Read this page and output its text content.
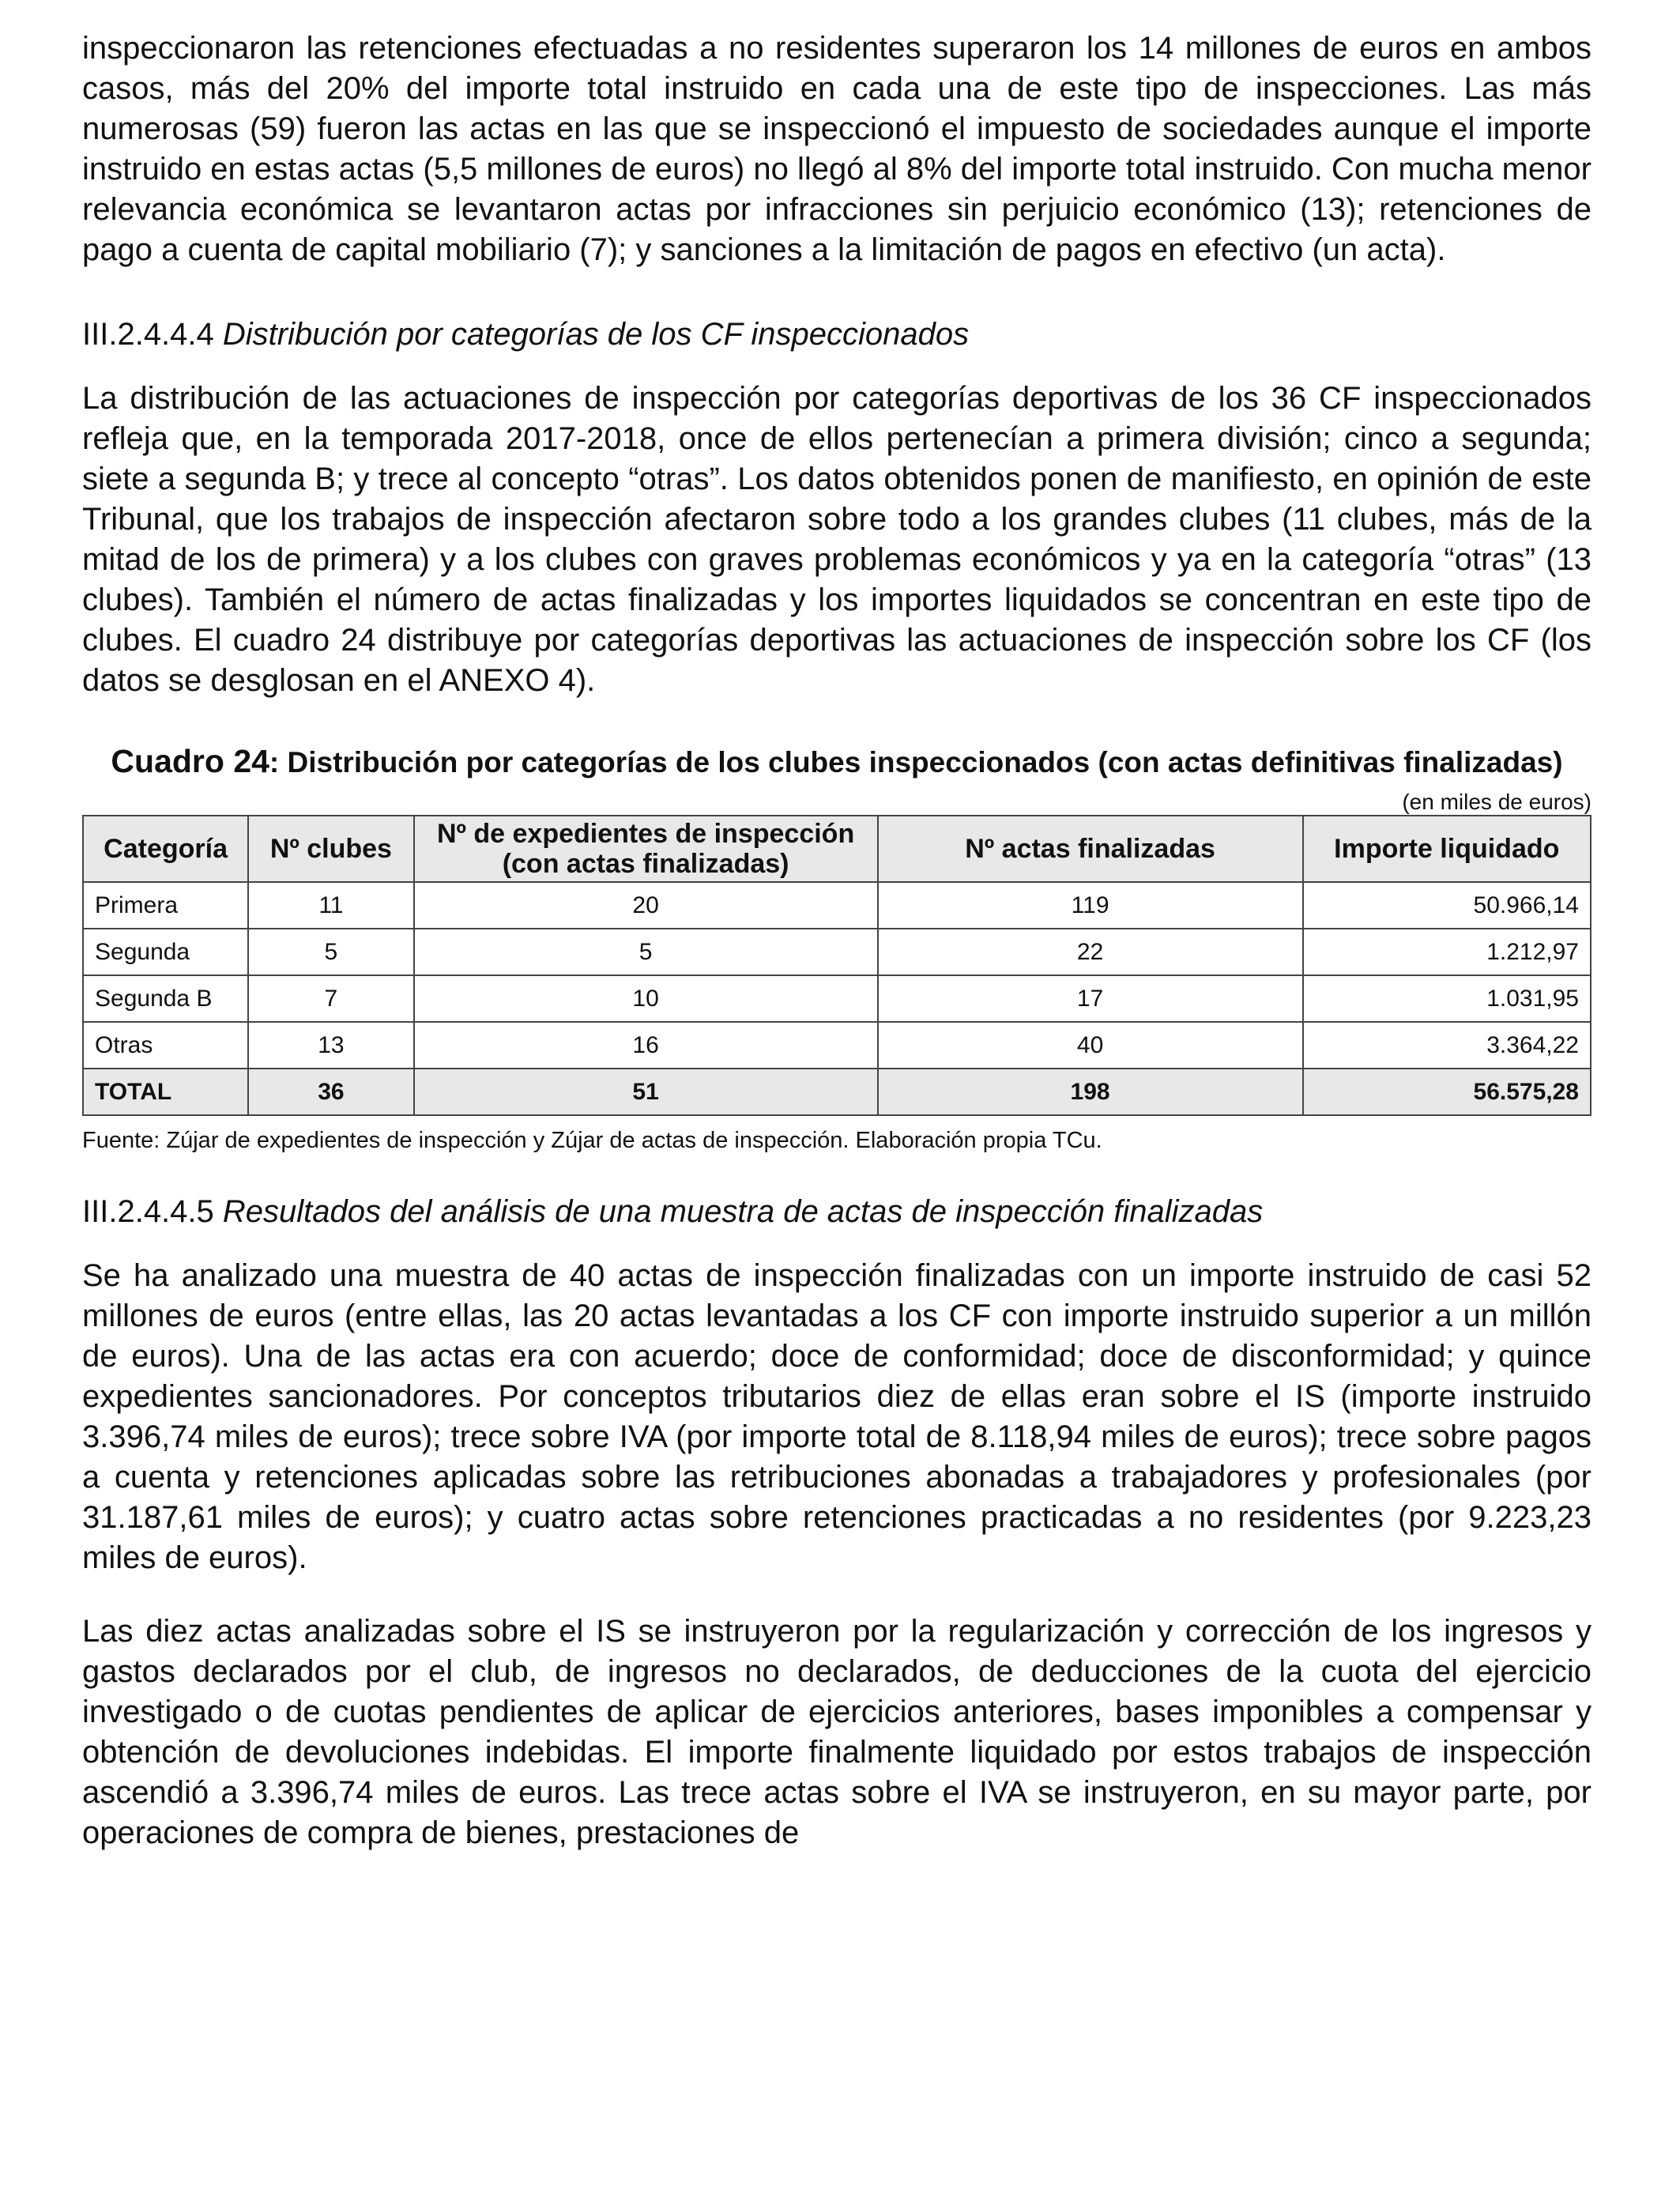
inspeccionaron las retenciones efectuadas a no residentes superaron los 14 millones de euros en ambos casos, más del 20% del importe total instruido en cada una de este tipo de inspecciones. Las más numerosas (59) fueron las actas en las que se inspeccionó el impuesto de sociedades aunque el importe instruido en estas actas (5,5 millones de euros) no llegó al 8% del importe total instruido. Con mucha menor relevancia económica se levantaron actas por infracciones sin perjuicio económico (13); retenciones de pago a cuenta de capital mobiliario (7); y sanciones a la limitación de pagos en efectivo (un acta).

III.2.4.4.4 Distribución por categorías de los CF inspeccionados

La distribución de las actuaciones de inspección por categorías deportivas de los 36 CF inspeccionados refleja que, en la temporada 2017-2018, once de ellos pertenecían a primera división; cinco a segunda; siete a segunda B; y trece al concepto “otras”. Los datos obtenidos ponen de manifiesto, en opinión de este Tribunal, que los trabajos de inspección afectaron sobre todo a los grandes clubes (11 clubes, más de la mitad de los de primera) y a los clubes con graves problemas económicos y ya en la categoría “otras” (13 clubes). También el número de actas finalizadas y los importes liquidados se concentran en este tipo de clubes. El cuadro 24 distribuye por categorías deportivas las actuaciones de inspección sobre los CF (los datos se desglosan en el ANEXO 4).

Cuadro 24: Distribución por categorías de los clubes inspeccionados (con actas definitivas finalizadas)

(en miles de euros)

Categoría	Nº clubes	Nº de expedientes de inspección
(con actas finalizadas)	Nº actas finalizadas	Importe liquidado
Primera	11	20	119	50.966,14
Segunda	5	5	22	1.212,97
Segunda B	7	10	17	1.031,95
Otras	13	16	40	3.364,22
TOTAL	36	51	198	56.575,28

Fuente: Zújar de expedientes de inspección y Zújar de actas de inspección. Elaboración propia TCu.

III.2.4.4.5 Resultados del análisis de una muestra de actas de inspección finalizadas

Se ha analizado una muestra de 40 actas de inspección finalizadas con un importe instruido de casi 52 millones de euros (entre ellas, las 20 actas levantadas a los CF con importe instruido superior a un millón de euros). Una de las actas era con acuerdo; doce de conformidad; doce de disconformidad; y quince expedientes sancionadores. Por conceptos tributarios diez de ellas eran sobre el IS (importe instruido 3.396,74 miles de euros); trece sobre IVA (por importe total de 8.118,94 miles de euros); trece sobre pagos a cuenta y retenciones aplicadas sobre las retribuciones abonadas a trabajadores y profesionales (por 31.187,61 miles de euros); y cuatro actas sobre retenciones practicadas a no residentes (por 9.223,23 miles de euros).

Las diez actas analizadas sobre el IS se instruyeron por la regularización y corrección de los ingresos y gastos declarados por el club, de ingresos no declarados, de deducciones de la cuota del ejercicio investigado o de cuotas pendientes de aplicar de ejercicios anteriores, bases imponibles a compensar y obtención de devoluciones indebidas. El importe finalmente liquidado por estos trabajos de inspección ascendió a 3.396,74 miles de euros. Las trece actas sobre el IVA se instruyeron, en su mayor parte, por operaciones de compra de bienes, prestaciones de
